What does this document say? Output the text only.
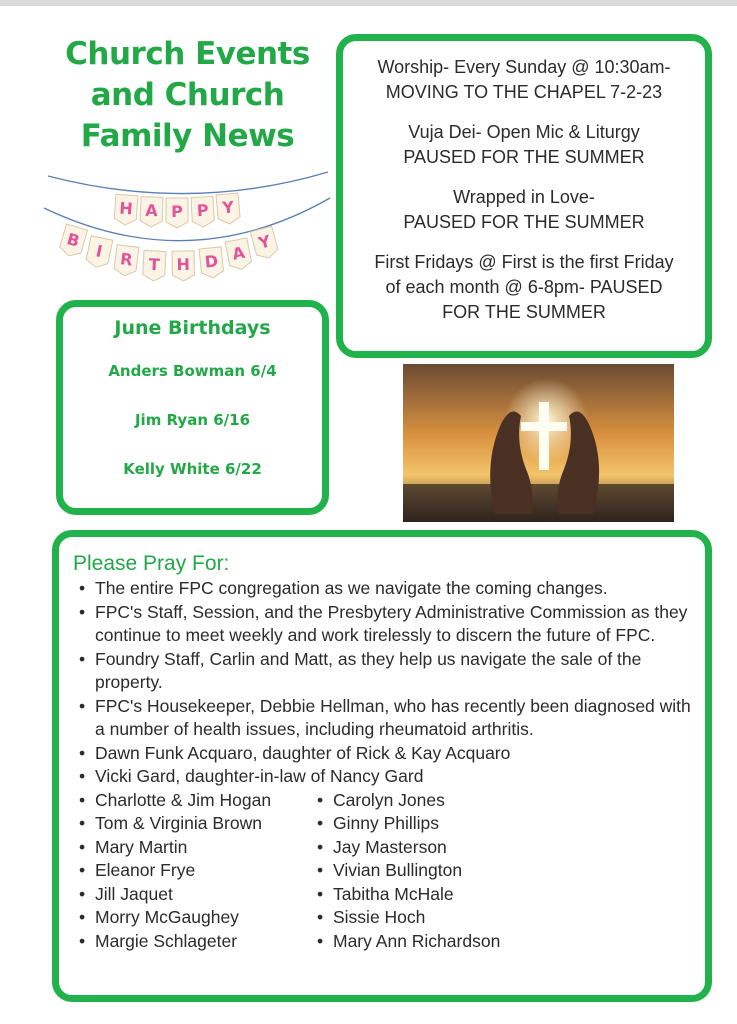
Church Events
and Church
Family News
H A P P Y
B
I R T H D A
Y
Worship- Every Sunday @ 10:30am-
MOVING TO THE CHAPEL 7-2-23
Vuja Dei- Open Mic & Liturgy
PAUSED FOR THE SUMMER
Wrapped in Love-
PAUSED FOR THE SUMMER
First Fridays @ First is the first Friday
of each month @ 6-8pm- PAUSED
FOR THE SUMMER
June Birthdays
Anders Bowman 6/4
Jim Ryan 6/16
Kelly White 6/22
Please Pray For:
• The entire FPC congregation as we navigate the coming changes.
• FPC's Staff, Session, and the Presbytery Administrative Commission as they continue to meet weekly and work tirelessly to discern the future of FPC.
• Foundry Staff, Carlin and Matt, as they help us navigate the sale of the property.
• FPC's Housekeeper, Debbie Hellman, who has recently been diagnosed with a number of health issues, including rheumatoid arthritis.
• Dawn Funk Acquaro, daughter of Rick & Kay Acquaro
• Vicki Gard, daughter-in-law of Nancy Gard
• Charlotte & Jim Hogan
• Tom & Virginia Brown
• Mary Martin
• Eleanor Frye
• Jill Jaquet
• Morry McGaughey
• Margie Schlageter
• Carolyn Jones
• Ginny Phillips
• Jay Masterson
• Vivian Bullington
• Tabitha McHale
• Sissie Hoch
• Mary Ann Richardson
